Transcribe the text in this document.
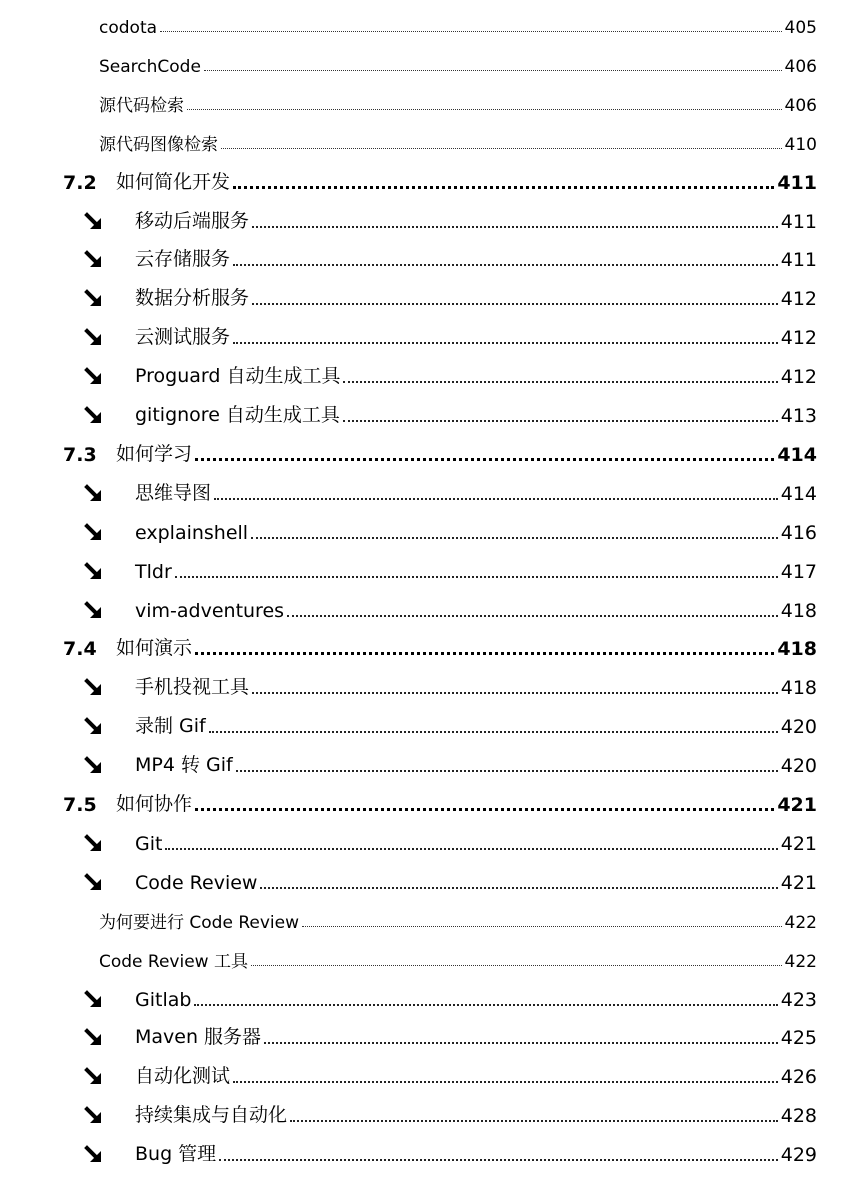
codota	405
SearchCode	406
源代码检索	406
源代码图像检索	410
7.2	如何简化开发	411
移动后端服务	411
云存储服务	411
数据分析服务	412
云测试服务	412
Proguard 自动生成工具	412
gitignore 自动生成工具	413
7.3	如何学习	414
思维导图	414
explainshell	416
Tldr	417
vim-adventures	418
7.4	如何演示	418
手机投视工具	418
录制 Gif	420
MP4 转 Gif	420
7.5	如何协作	421
Git	421
Code Review	421
为何要进行 Code Review	422
Code Review 工具	422
Gitlab	423
Maven 服务器	425
自动化测试	426
持续集成与自动化	428
Bug 管理	429
